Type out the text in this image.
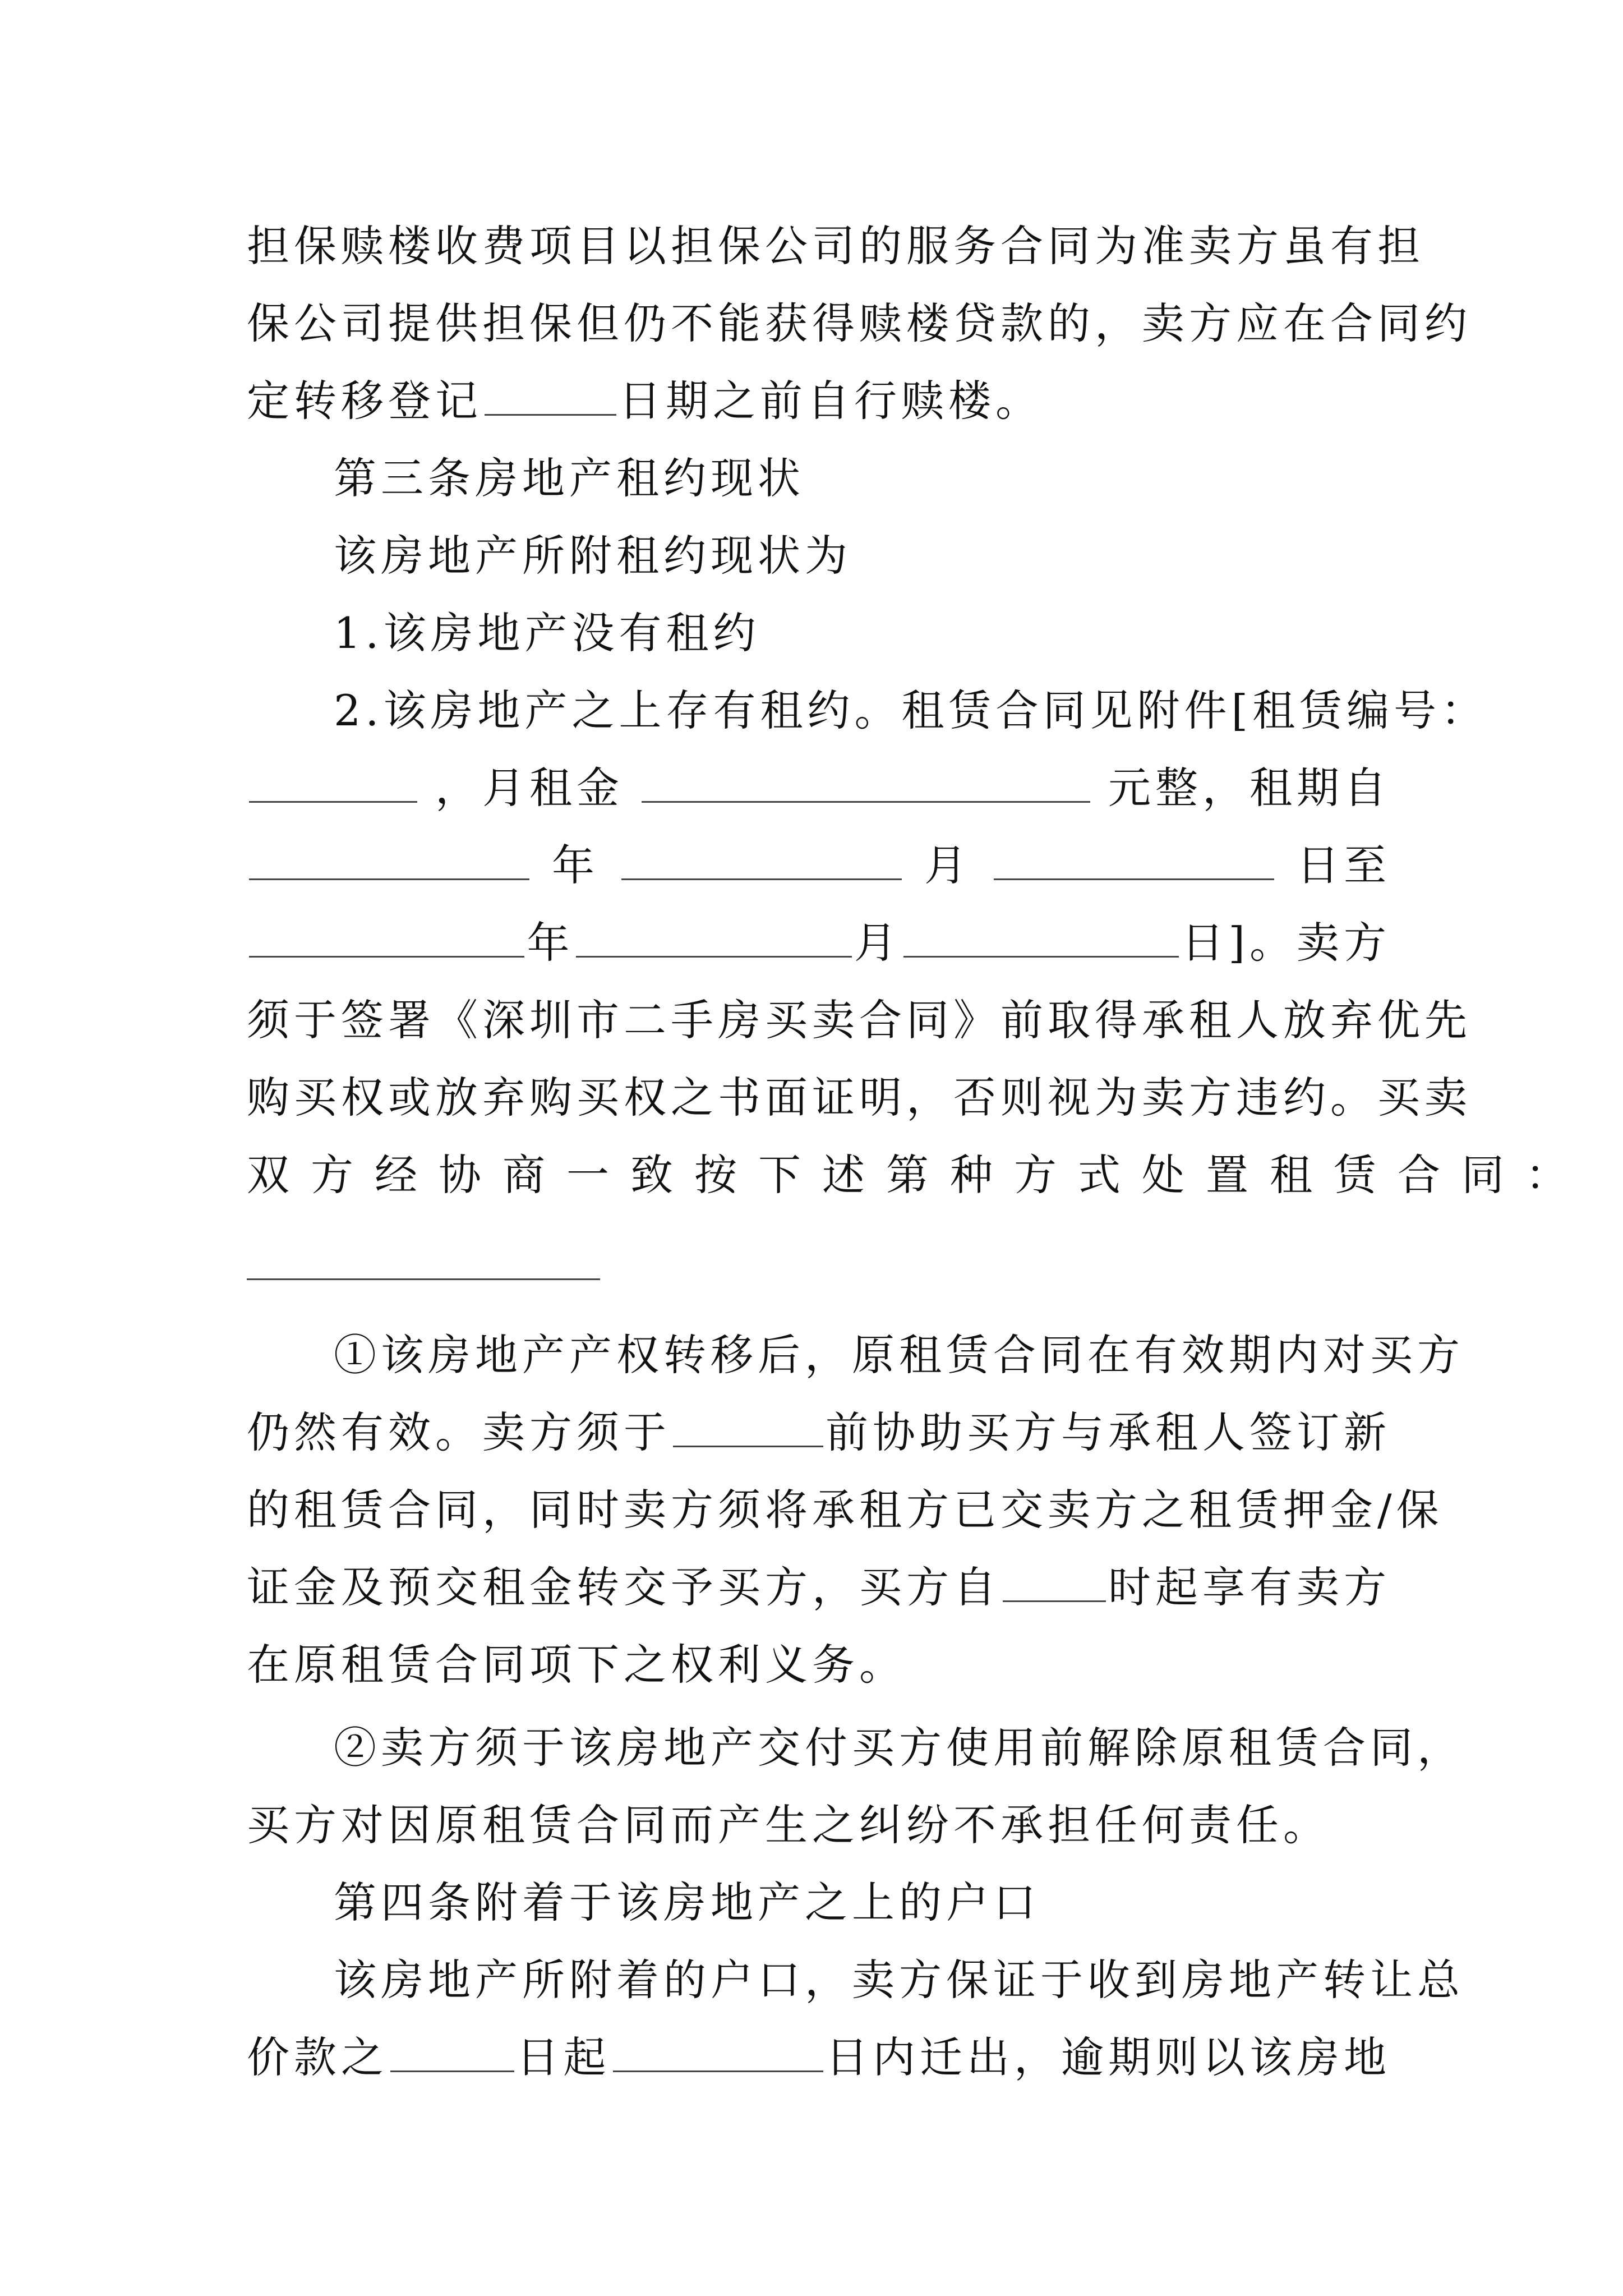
担保赎楼收费项目以担保公司的服务合同为准卖方虽有担
保公司提供担保但仍不能获得赎楼贷款的，卖方应在合同约
定转移登记	日期之前自行赎楼。
第三条房地产租约现状
该房地产所附租约现状为
1.该房地产没有租约
2.该房地产之上存有租约。租赁合同见附件[租赁编号：
，月租金	元整，租期自
年	月	日至
年	月	日]。卖方
须于签署《深圳市二手房买卖合同》前取得承租人放弃优先
购买权或放弃购买权之书面证明，否则视为卖方违约。买卖
双方经协商一致按下述第种方式处置租赁合同：
①该房地产产权转移后，原租赁合同在有效期内对买方
仍然有效。卖方须于	前协助买方与承租人签订新
的租赁合同，同时卖方须将承租方已交卖方之租赁押金/保
证金及预交租金转交予买方，买方自	时起享有卖方
在原租赁合同项下之权利义务。
②卖方须于该房地产交付买方使用前解除原租赁合同，
买方对因原租赁合同而产生之纠纷不承担任何责任。
第四条附着于该房地产之上的户口
该房地产所附着的户口，卖方保证于收到房地产转让总
价款之	日起	日内迁出，逾期则以该房地
